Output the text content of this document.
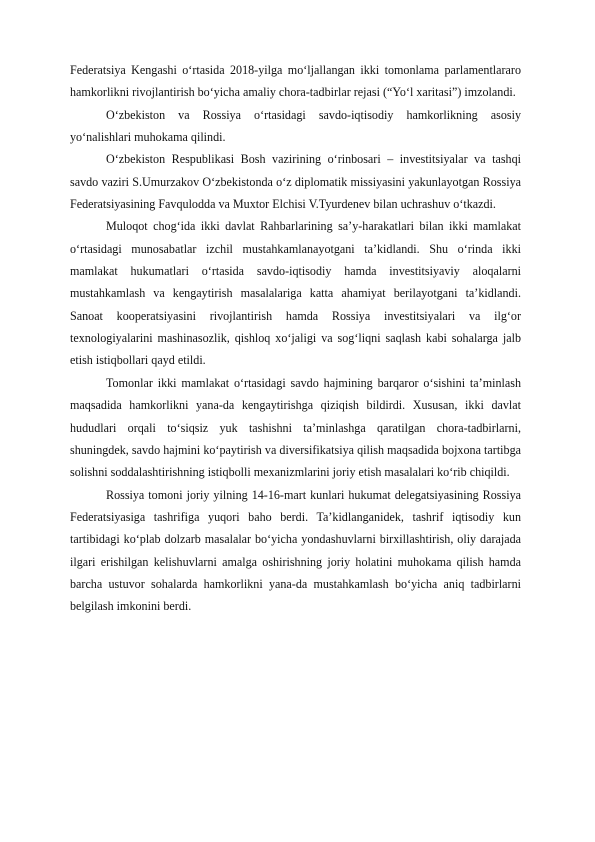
Federatsiya Kengashi o‘rtasida 2018-yilga mo‘ljallangan ikki tomonlama parlamentlararo hamkorlikni rivojlantirish bo‘yicha amaliy chora-tadbirlar rejasi (“Yo‘l xaritasi”) imzolandi.

O‘zbekiston va Rossiya o‘rtasidagi savdo-iqtisodiy hamkorlikning asosiy yo‘nalishlari muhokama qilindi.

O‘zbekiston Respublikasi Bosh vazirining o‘rinbosari – investitsiyalar va tashqi savdo vaziri S.Umurzakov O‘zbekistonda o‘z diplomatik missiyasini yakunlayotgan Rossiya Federatsiyasining Favqulodda va Muxtor Elchisi V.Tyurdenev bilan uchrashuv o‘tkazdi.

Muloqot chog‘ida ikki davlat Rahbarlarining sa’y-harakatlari bilan ikki mamlakat o‘rtasidagi munosabatlar izchil mustahkamlanayotgani ta’kidlandi. Shu o‘rinda ikki mamlakat hukumatlari o‘rtasida savdo-iqtisodiy hamda investitsiyaviy aloqalarni mustahkamlash va kengaytirish masalalariga katta ahamiyat berilayotgani ta’kidlandi. Sanoat kooperatsiyasini rivojlantirish hamda Rossiya investitsiyalari va ilg‘or texnologiyalarini mashinasozlik, qishloq xo‘jaligi va sog‘liqni saqlash kabi sohalarga jalb etish istiqbollari qayd etildi.

Tomonlar ikki mamlakat o‘rtasidagi savdo hajmining barqaror o‘sishini ta’minlash maqsadida hamkorlikni yana-da kengaytirishga qiziqish bildirdi. Xususan, ikki davlat hududlari orqali to‘siqsiz yuk tashishni ta’minlashga qaratilgan chora-tadbirlarni, shuningdek, savdo hajmini ko‘paytirish va diversifikatsiya qilish maqsadida bojxona tartibga solishni soddalashtirishning istiqbolli mexanizmlarini joriy etish masalalari ko‘rib chiqildi.

Rossiya tomoni joriy yilning 14-16-mart kunlari hukumat delegatsiyasining Rossiya Federatsiyasiga tashrifiga yuqori baho berdi. Ta’kidlanganidek, tashrif iqtisodiy kun tartibidagi ko‘plab dolzarb masalalar bo‘yicha yondashuvlarni birxillashtirish, oliy darajada ilgari erishilgan kelishuvlarni amalga oshirishning joriy holatini muhokama qilish hamda barcha ustuvor sohalarda hamkorlikni yana-da mustahkamlash bo‘yicha aniq tadbirlarni belgilash imkonini berdi.
